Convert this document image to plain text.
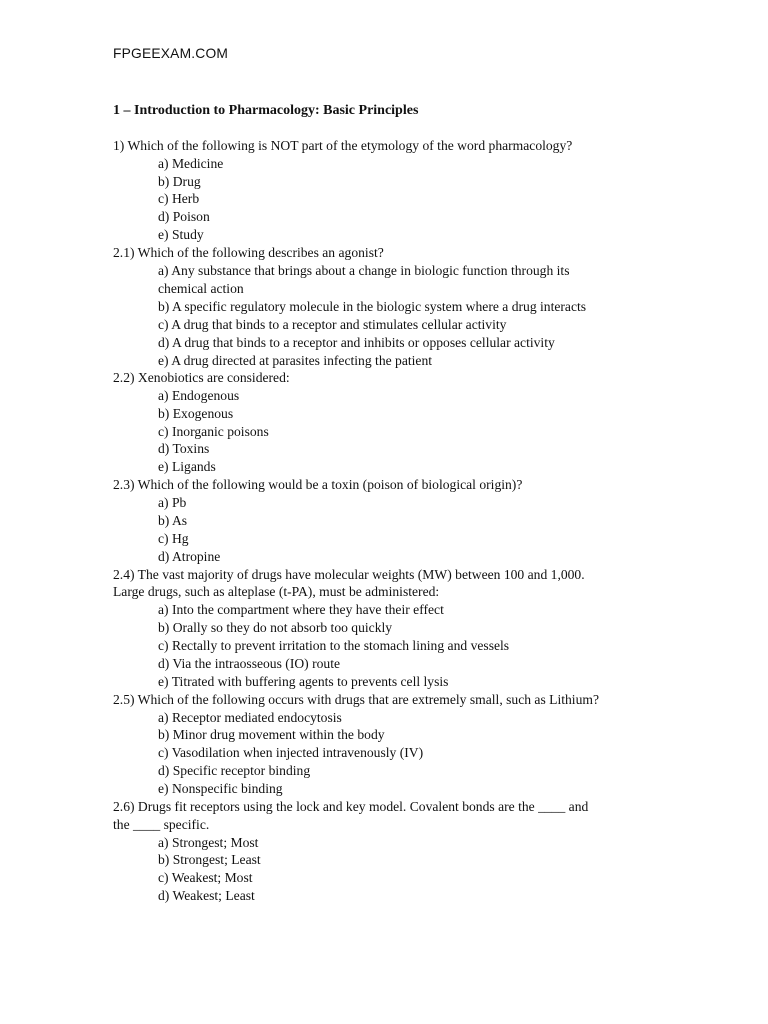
FPGEEXAM.COM
1 – Introduction to Pharmacology: Basic Principles
1) Which of the following is NOT part of the etymology of the word pharmacology?
a) Medicine
b) Drug
c) Herb
d) Poison
e) Study
2.1) Which of the following describes an agonist?
a) Any substance that brings about a change in biologic function through its
chemical action
b) A specific regulatory molecule in the biologic system where a drug interacts
c) A drug that binds to a receptor and stimulates cellular activity
d) A drug that binds to a receptor and inhibits or opposes cellular activity
e) A drug directed at parasites infecting the patient
2.2) Xenobiotics are considered:
a) Endogenous
b) Exogenous
c) Inorganic poisons
d) Toxins
e) Ligands
2.3) Which of the following would be a toxin (poison of biological origin)?
a) Pb
b) As
c) Hg
d) Atropine
2.4) The vast majority of drugs have molecular weights (MW) between 100 and 1,000.
Large drugs, such as alteplase (t-PA), must be administered:
a) Into the compartment where they have their effect
b) Orally so they do not absorb too quickly
c) Rectally to prevent irritation to the stomach lining and vessels
d) Via the intraosseous (IO) route
e) Titrated with buffering agents to prevents cell lysis
2.5) Which of the following occurs with drugs that are extremely small, such as Lithium?
a) Receptor mediated endocytosis
b) Minor drug movement within the body
c) Vasodilation when injected intravenously (IV)
d) Specific receptor binding
e) Nonspecific binding
2.6) Drugs fit receptors using the lock and key model. Covalent bonds are the ____ and
the ____ specific.
a) Strongest; Most
b) Strongest; Least
c) Weakest; Most
d) Weakest; Least
